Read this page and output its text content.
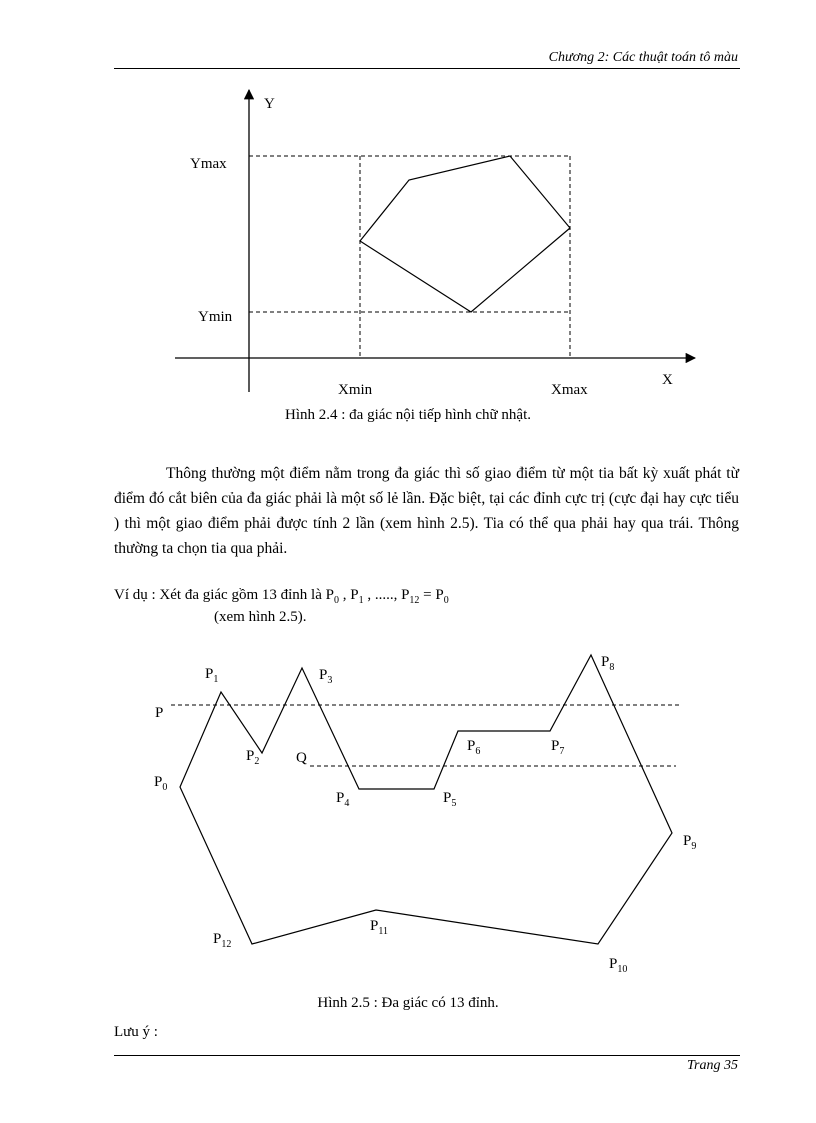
Chương 2: Các thuật toán tô màu
Y
X
Ymax
Ymin
Xmin	Xmax
Hình 2.4 : đa giác nội tiếp hình chữ nhật.

Thông thường một điểm nằm trong đa giác thì số giao điểm từ một tia bất kỳ xuất phát từ điểm đó cắt biên của đa giác phải là một số lẻ lần. Đặc biệt, tại các đỉnh cực trị (cực đại hay cực tiểu ) thì một giao điểm phải được tính 2 lần (xem hình 2.5). Tia có thể qua phải hay qua trái. Thông thường ta chọn tia qua phải.

Ví dụ : Xét đa giác gồm 13 đỉnh là $P_0$ , $P_1$ , ....., $P_{12} = P_0$
(xem hình 2.5).
P
Q
$P_0$
$P_1$
$P_2$
$P_3$
$P_4$	$P_5$
$P_6$	$P_7$
$P_8$
$P_9$
$P_{10}$
$P_{11}$
$P_{12}$
Hình 2.5 : Đa giác có 13 đỉnh.
Lưu ý :
Trang 35
